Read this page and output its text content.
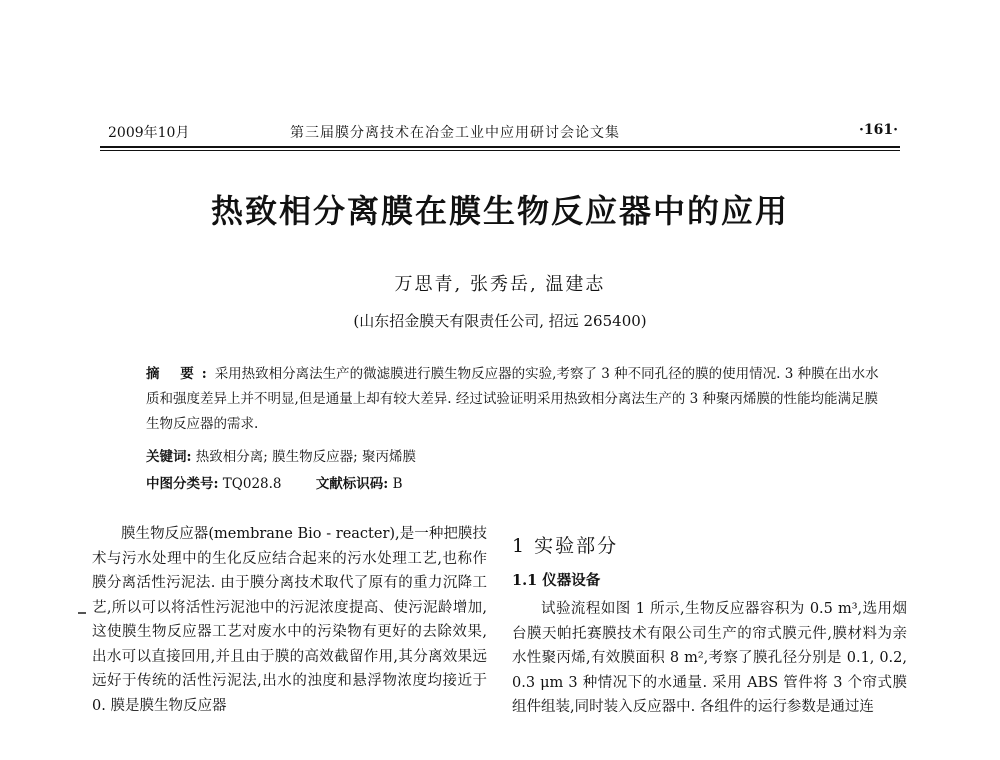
2009年10月	第三届膜分离技术在冶金工业中应用研讨会论文集	·161·
热致相分离膜在膜生物反应器中的应用
万思青, 张秀岳, 温建志
(山东招金膜天有限责任公司, 招远 265400)
摘 要:采用热致相分离法生产的微滤膜进行膜生物反应器的实验,考察了 3 种不同孔径的膜的使用情况. 3 种膜在出水水质和强度差异上并不明显,但是通量上却有较大差异. 经过试验证明采用热致相分离法生产的 3 种聚丙烯膜的性能均能满足膜生物反应器的需求.
关键词: 热致相分离; 膜生物反应器; 聚丙烯膜
中图分类号: TQ028.8	文献标识码: B

膜生物反应器(membrane Bio - reacter),是一种把膜技术与污水处理中的生化反应结合起来的污水处理工艺,也称作膜分离活性污泥法. 由于膜分离技术取代了原有的重力沉降工艺,所以可以将活性污泥池中的污泥浓度提高、使污泥龄增加,这使膜生物反应器工艺对废水中的污染物有更好的去除效果,出水可以直接回用,并且由于膜的高效截留作用,其分离效果远远好于传统的活性污泥法,出水的浊度和悬浮物浓度均接近于 0. 膜是膜生物反应器

1 实验部分
1.1 仪器设备

试验流程如图 1 所示,生物反应器容积为 0.5 m³,选用烟台膜天帕托赛膜技术有限公司生产的帘式膜元件,膜材料为亲水性聚丙烯,有效膜面积 8 m²,考察了膜孔径分别是 0.1, 0.2, 0.3 μm 3 种情况下的水通量. 采用 ABS 管件将 3 个帘式膜组件组装,同时装入反应器中. 各组件的运行参数是通过连
